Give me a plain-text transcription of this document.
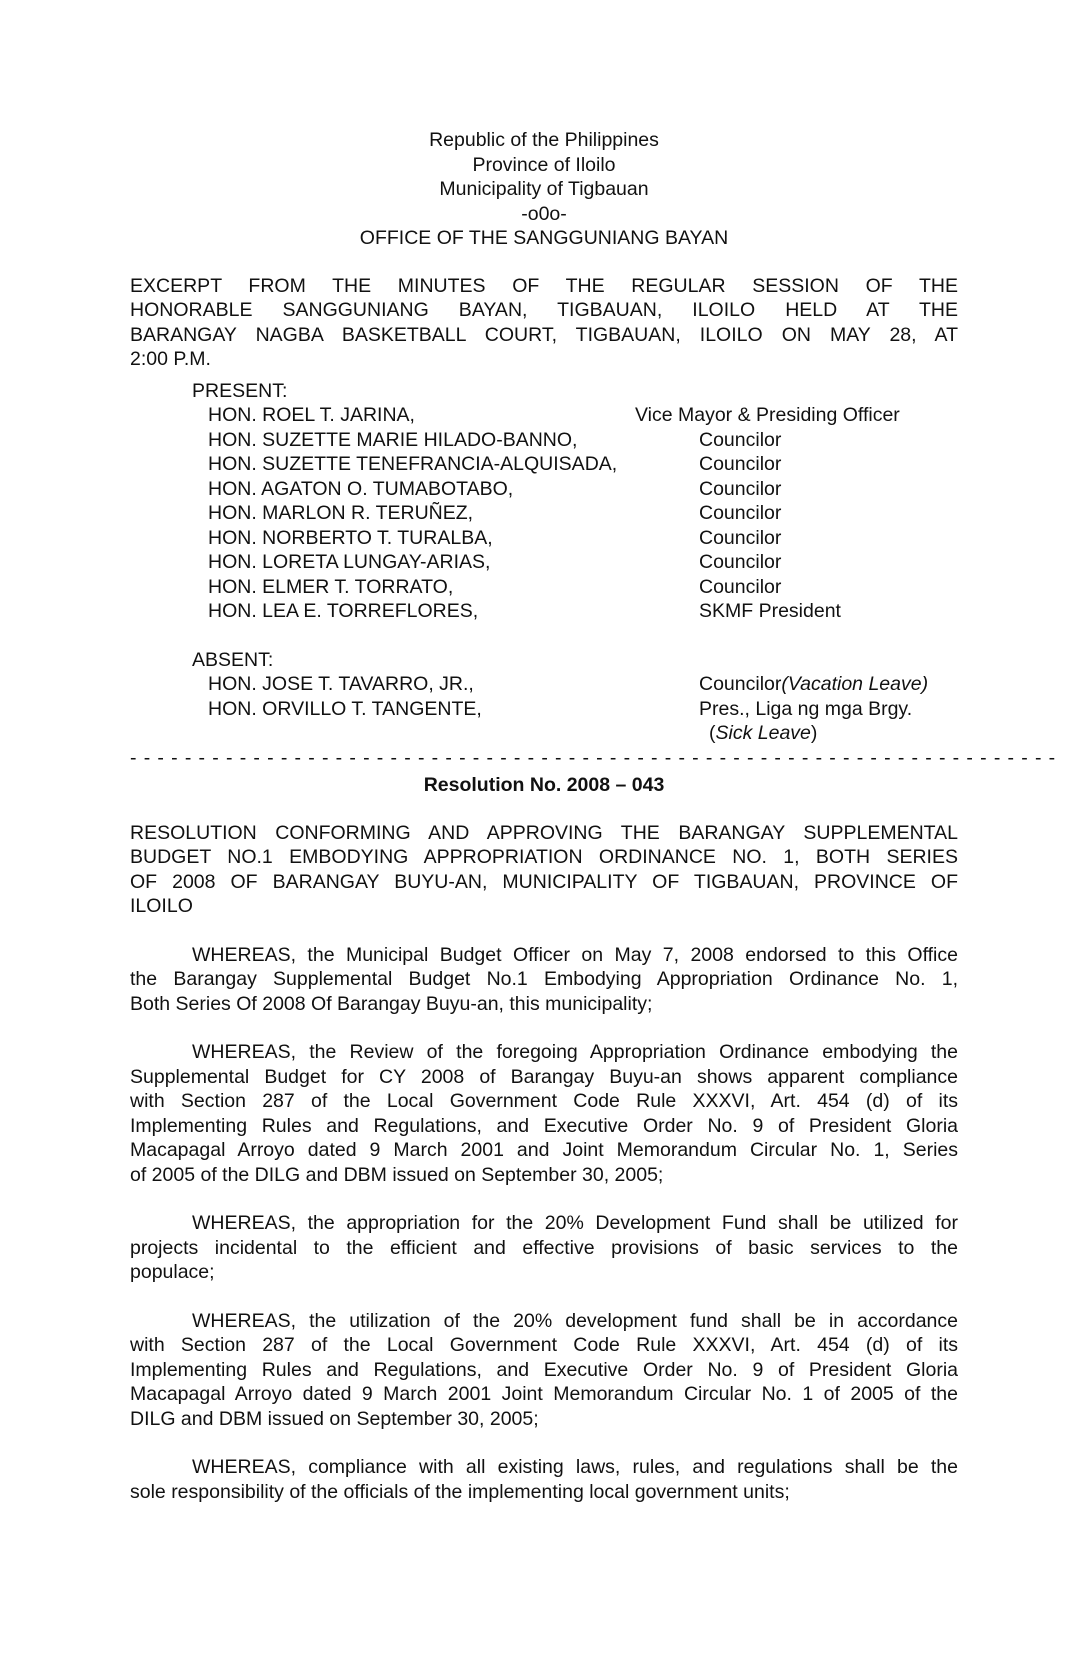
Republic of the Philippines
Province of Iloilo
Municipality of Tigbauan
-o0o-
OFFICE OF THE SANGGUNIANG BAYAN
EXCERPT FROM THE MINUTES OF THE REGULAR SESSION OF THE
HONORABLE SANGGUNIANG BAYAN, TIGBAUAN, ILOILO HELD AT THE
BARANGAY NAGBA BASKETBALL COURT, TIGBAUAN, ILOILO ON MAY 28, AT
2:00 P.M.
PRESENT:
HON. ROEL T. JARINA,	Vice Mayor & Presiding Officer
HON. SUZETTE MARIE HILADO-BANNO,	Councilor
HON. SUZETTE TENEFRANCIA-ALQUISADA,	Councilor
HON. AGATON O. TUMABOTABO,	Councilor
HON. MARLON R. TERUÑEZ,	Councilor
HON. NORBERTO T. TURALBA,	Councilor
HON. LORETA LUNGAY-ARIAS,	Councilor
HON. ELMER T. TORRATO,	Councilor
HON. LEA E. TORREFLORES,	SKMF President
ABSENT:
HON. JOSE T. TAVARRO, JR.,	Councilor(Vacation Leave)
HON. ORVILLO T. TANGENTE,	Pres., Liga ng mga Brgy.
(Sick Leave)
- - - - - - - - - - - - - - - - - - - - - - - - - - - - - - - - - - - - - - - - - - - - - - - - - - - - - - - - - - - - - - - - - - - -
Resolution No. 2008 – 043
RESOLUTION CONFORMING AND APPROVING THE BARANGAY SUPPLEMENTAL
BUDGET NO.1 EMBODYING APPROPRIATION ORDINANCE NO. 1, BOTH SERIES
OF 2008 OF BARANGAY BUYU-AN, MUNICIPALITY OF TIGBAUAN, PROVINCE OF
ILOILO
WHEREAS, the Municipal Budget Officer on May 7, 2008 endorsed to this Office
the Barangay Supplemental Budget No.1 Embodying Appropriation Ordinance No. 1,
Both Series Of 2008 Of Barangay Buyu-an, this municipality;
WHEREAS, the Review of the foregoing Appropriation Ordinance embodying the
Supplemental Budget for CY 2008 of Barangay Buyu-an shows apparent compliance
with Section 287 of the Local Government Code Rule XXXVI, Art. 454 (d) of its
Implementing Rules and Regulations, and Executive Order No. 9 of President Gloria
Macapagal Arroyo dated 9 March 2001 and Joint Memorandum Circular No. 1, Series
of 2005 of the DILG and DBM issued on September 30, 2005;
WHEREAS, the appropriation for the 20% Development Fund shall be utilized for
projects incidental to the efficient and effective provisions of basic services to the
populace;
WHEREAS, the utilization of the 20% development fund shall be in accordance
with Section 287 of the Local Government Code Rule XXXVI, Art. 454 (d) of its
Implementing Rules and Regulations, and Executive Order No. 9 of President Gloria
Macapagal Arroyo dated 9 March 2001 Joint Memorandum Circular No. 1 of 2005 of the
DILG and DBM issued on September 30, 2005;
WHEREAS, compliance with all existing laws, rules, and regulations shall be the
sole responsibility of the officials of the implementing local government units;
